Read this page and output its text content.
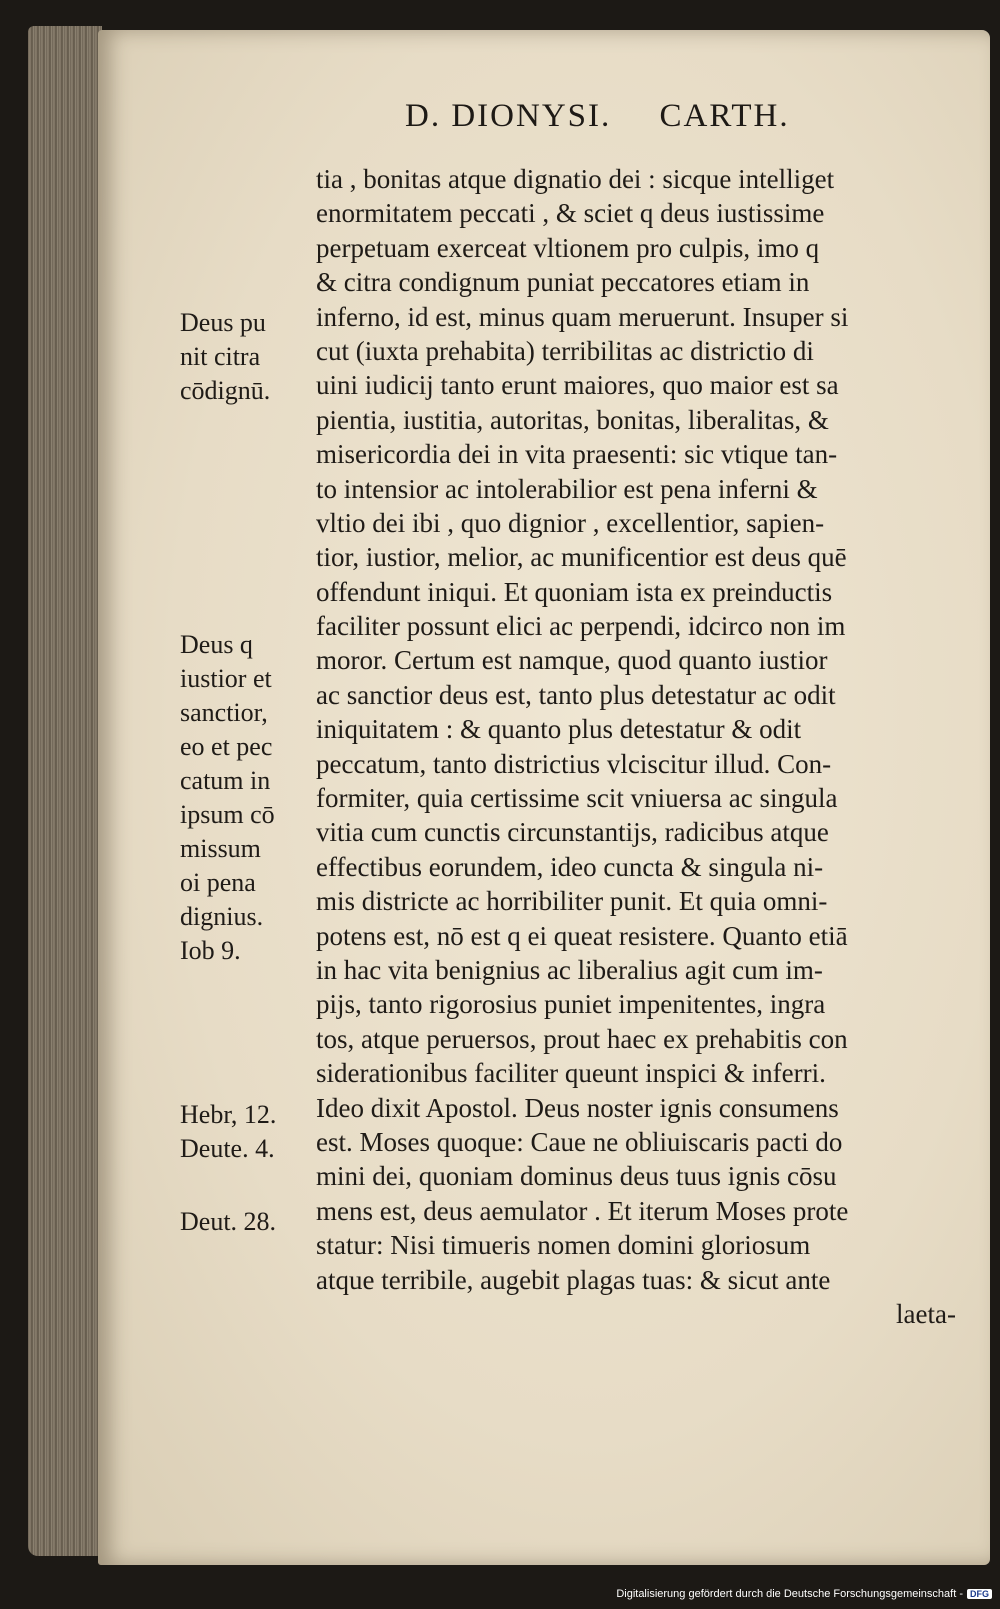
D. DIONYSI. CARTH.
tia , bonitas atque dignatio dei : sicque intelliget
enormitatem peccati , & sciet q deus iustissime
perpetuam exerceat vltionem pro culpis, imo q
& citra condignum puniat peccatores etiam in
inferno, id est, minus quam meruerunt. Insuper si
cut (iuxta prehabita) terribilitas ac districtio di
uini iudicij tanto erunt maiores, quo maior est sa
pientia, iustitia, autoritas, bonitas, liberalitas, &
misericordia dei in vita praesenti: sic vtique tan-
to intensior ac intolerabilior est pena inferni &
vltio dei ibi , quo dignior , excellentior, sapien-
tior, iustior, melior, ac munificentior est deus quē
offendunt iniqui. Et quoniam ista ex preinductis
faciliter possunt elici ac perpendi, idcirco non im
moror. Certum est namque, quod quanto iustior
ac sanctior deus est, tanto plus detestatur ac odit
iniquitatem : & quanto plus detestatur & odit
peccatum, tanto districtius vlciscitur illud. Con-
formiter, quia certissime scit vniuersa ac singula
vitia cum cunctis circunstantijs, radicibus atque
effectibus eorundem, ideo cuncta & singula ni-
mis districte ac horribiliter punit. Et quia omni-
potens est, nō est q ei queat resistere. Quanto etiā
in hac vita benignius ac liberalius agit cum im-
pijs, tanto rigorosius puniet impenitentes, ingra
tos, atque peruersos, prout haec ex prehabitis con
siderationibus faciliter queunt inspici & inferri.
Ideo dixit Apostol. Deus noster ignis consumens
est. Moses quoque: Caue ne obliuiscaris pacti do
mini dei, quoniam dominus deus tuus ignis cōsu
mens est, deus aemulator . Et iterum Moses prote
statur: Nisi timueris nomen domini gloriosum
atque terribile, augebit plagas tuas: & sicut ante
laeta-
Deus pu
nit citra
cōdignū.
Deus q
iustior et
sanctior,
eo et pec
catum in
ipsum cō
missum
oi pena
dignius.
Iob 9.
Hebr, 12.
Deute. 4.
Deut. 28.
Digitalisierung gefördert durch die Deutsche Forschungsgemeinschaft - DFG
